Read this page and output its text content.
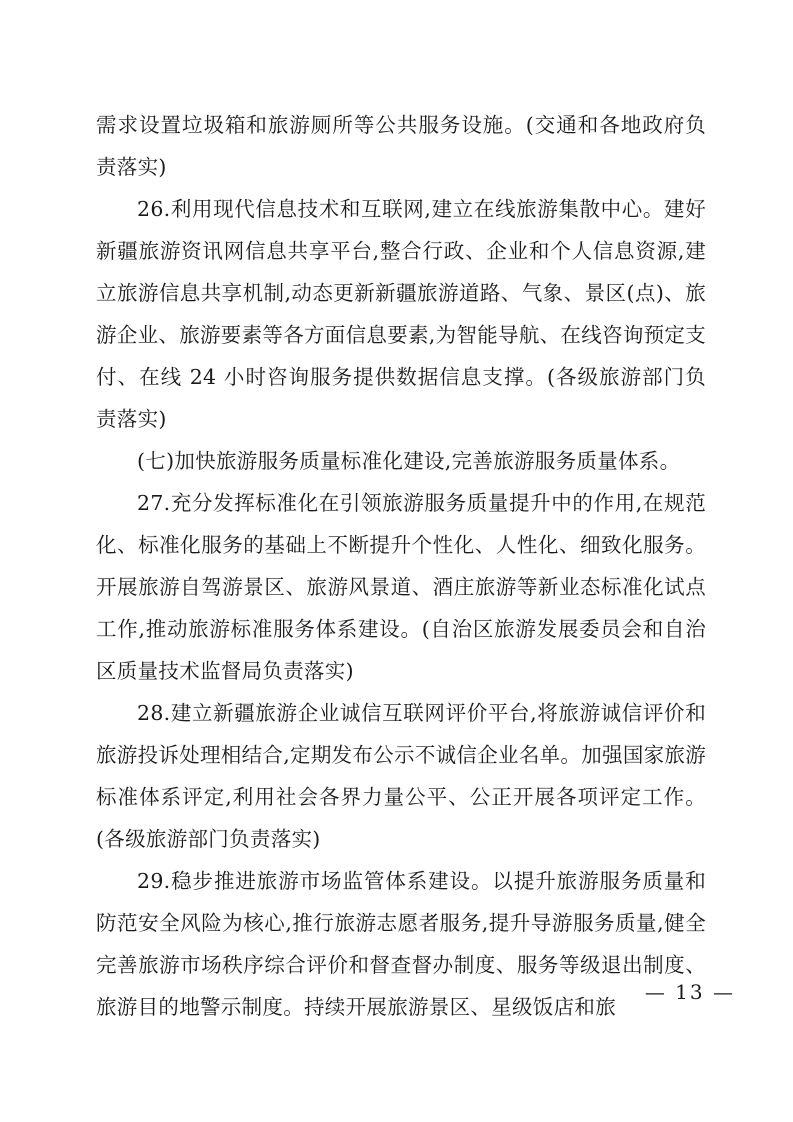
需求设置垃圾箱和旅游厕所等公共服务设施。(交通和各地政府负责落实)

26.利用现代信息技术和互联网,建立在线旅游集散中心。建好新疆旅游资讯网信息共享平台,整合行政、企业和个人信息资源,建立旅游信息共享机制,动态更新新疆旅游道路、气象、景区(点)、旅游企业、旅游要素等各方面信息要素,为智能导航、在线咨询预定支付、在线 24 小时咨询服务提供数据信息支撑。(各级旅游部门负责落实)

(七)加快旅游服务质量标准化建设,完善旅游服务质量体系。

27.充分发挥标准化在引领旅游服务质量提升中的作用,在规范化、标准化服务的基础上不断提升个性化、人性化、细致化服务。开展旅游自驾游景区、旅游风景道、酒庄旅游等新业态标准化试点工作,推动旅游标准服务体系建设。(自治区旅游发展委员会和自治区质量技术监督局负责落实)

28.建立新疆旅游企业诚信互联网评价平台,将旅游诚信评价和旅游投诉处理相结合,定期发布公示不诚信企业名单。加强国家旅游标准体系评定,利用社会各界力量公平、公正开展各项评定工作。(各级旅游部门负责落实)

29.稳步推进旅游市场监管体系建设。以提升旅游服务质量和防范安全风险为核心,推行旅游志愿者服务,提升导游服务质量,健全完善旅游市场秩序综合评价和督查督办制度、服务等级退出制度、旅游目的地警示制度。持续开展旅游景区、星级饭店和旅

— 13 —
